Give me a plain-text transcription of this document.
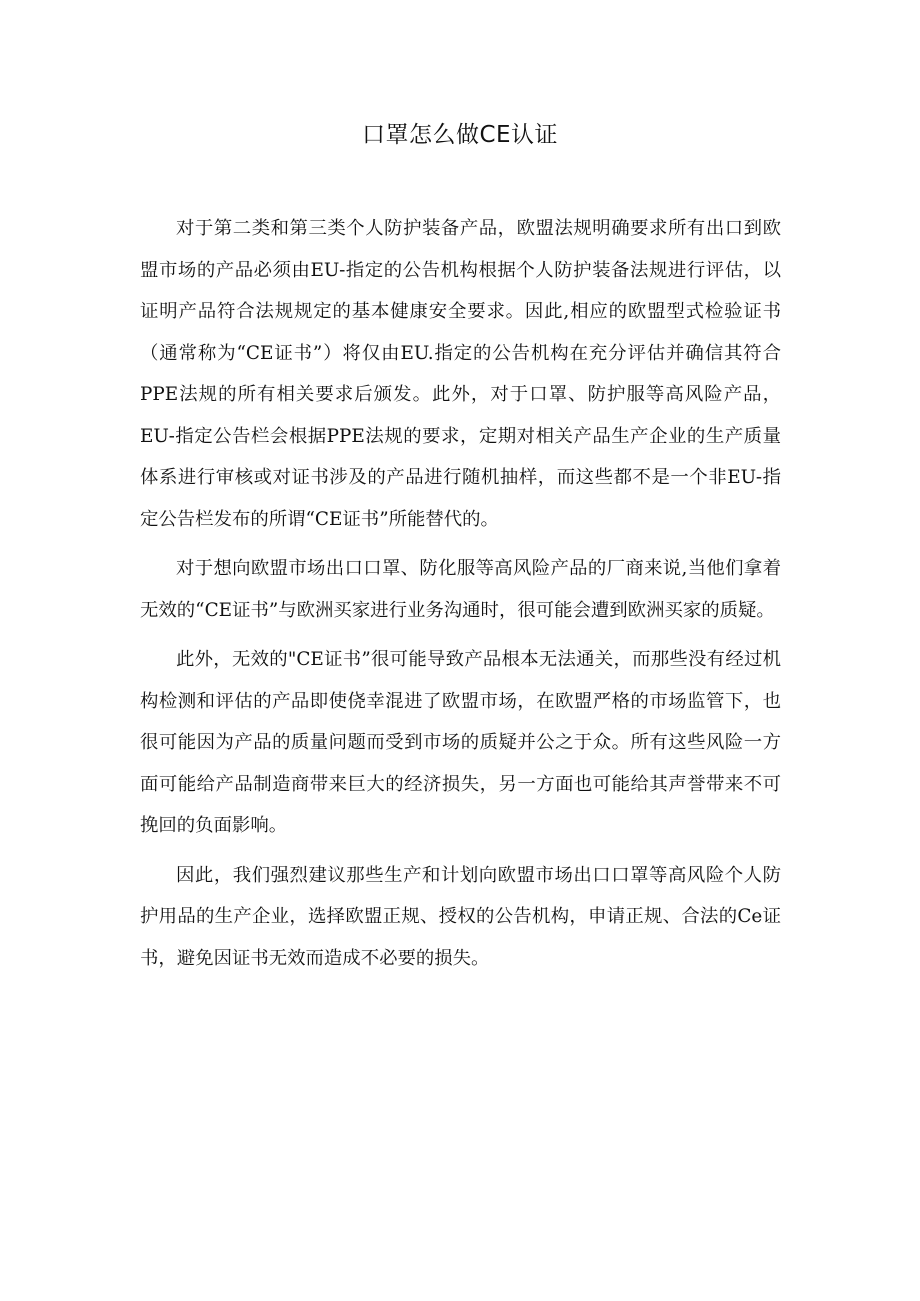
口罩怎么做CE认证

对于第二类和第三类个人防护装备产品，欧盟法规明确要求所有出口到欧盟市场的产品必须由EU-指定的公告机构根据个人防护装备法规进行评估，以证明产品符合法规规定的基本健康安全要求。因此,相应的欧盟型式检验证书（通常称为“CE证书”）将仅由EU.指定的公告机构在充分评估并确信其符合PPE法规的所有相关要求后颁发。此外，对于口罩、防护服等高风险产品，EU-指定公告栏会根据PPE法规的要求，定期对相关产品生产企业的生产质量体系进行审核或对证书涉及的产品进行随机抽样，而这些都不是一个非EU-指定公告栏发布的所谓“CE证书”所能替代的。

对于想向欧盟市场出口口罩、防化服等高风险产品的厂商来说,当他们拿着无效的“CE证书”与欧洲买家进行业务沟通时，很可能会遭到欧洲买家的质疑。

此外，无效的"CE证书”很可能导致产品根本无法通关，而那些没有经过机构检测和评估的产品即使侥幸混进了欧盟市场，在欧盟严格的市场监管下，也很可能因为产品的质量问题而受到市场的质疑并公之于众。所有这些风险一方面可能给产品制造商带来巨大的经济损失，另一方面也可能给其声誉带来不可挽回的负面影响。

因此，我们强烈建议那些生产和计划向欧盟市场出口口罩等高风险个人防护用品的生产企业，选择欧盟正规、授权的公告机构，申请正规、合法的Ce证书，避免因证书无效而造成不必要的损失。
